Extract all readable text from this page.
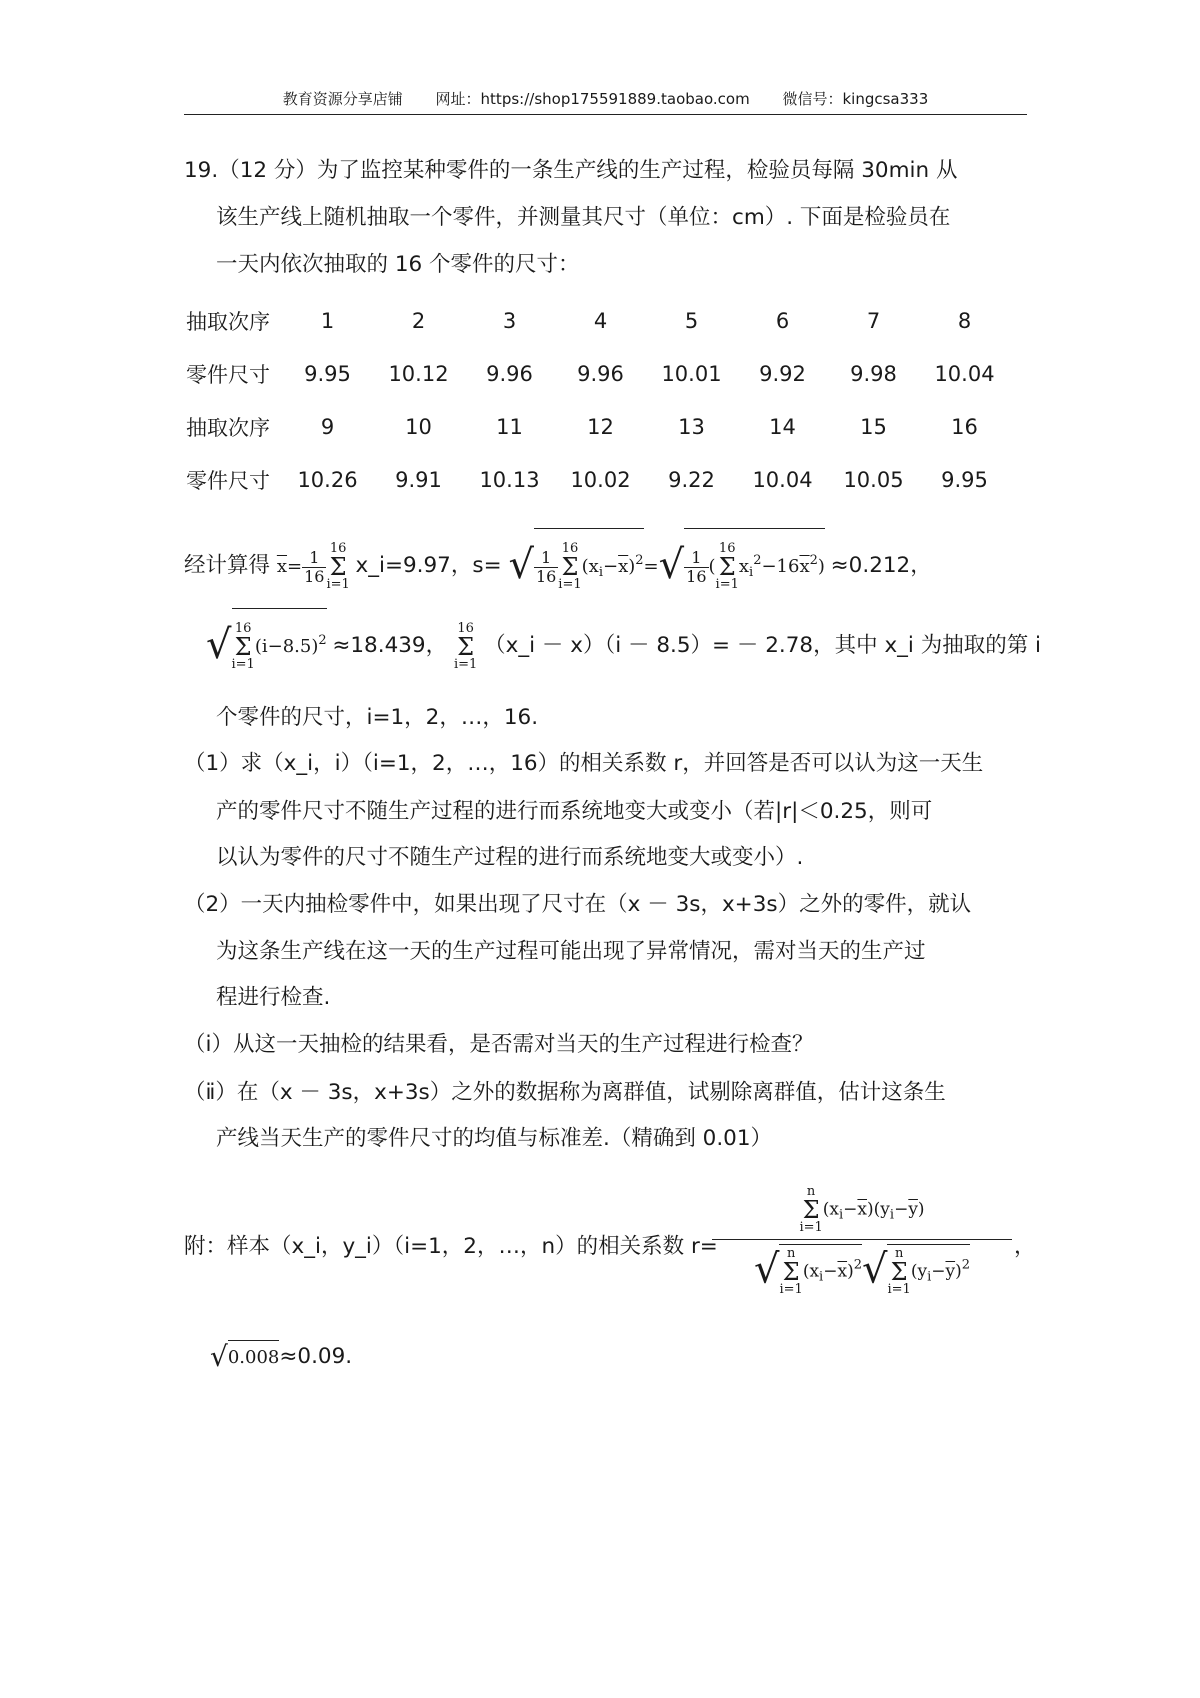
教育资源分享店铺 网址：https://shop175591889.taobao.com 微信号：kingcsa333
19.（12 分）为了监控某种零件的一条生产线的生产过程，检验员每隔 30min 从
该生产线上随机抽取一个零件，并测量其尺寸（单位：cm）. 下面是检验员在
一天内依次抽取的 16 个零件的尺寸：
抽取次序	1	2	3	4	5	6	7	8
零件尺寸	9.95	10.12	9.96	9.96	10.01	9.92	9.98	10.04
抽取次序	9	10	11	12	13	14	15	16
零件尺寸	10.26	9.91	10.13	10.02	9.22	10.04	10.05	9.95
经计算得 $\overline{x}= \frac{1}{16} 16$
Σ
i=1 x_i=9.97，s= √ $\frac{1}{16} 16$
Σ
$i=1(x_i-\overline{x})^2=√ \frac{1}{16} (16$
Σ
$i=1x_i^2-16\overline{x}^2) \approx 0.212$，
√ 16
Σ
$i=1(i-8.5)^2 \approx 18.439$， 16
Σ
i=1 （x_i － x）（i － 8.5）= － 2.78，其中 x_i 为抽取的第 i
个零件的尺寸，i=1，2，…，16.
（1）求（x_i，i）（i=1，2，…，16）的相关系数 r，并回答是否可以认为这一天生
产的零件尺寸不随生产过程的进行而系统地变大或变小（若|r|＜0.25，则可
以认为零件的尺寸不随生产过程的进行而系统地变大或变小）.
（2）一天内抽检零件中，如果出现了尺寸在（x － 3s，x+3s）之外的零件，就认
为这条生产线在这一天的生产过程可能出现了异常情况，需对当天的生产过
程进行检查.
（ⅰ）从这一天抽检的结果看，是否需对当天的生产过程进行检查？
（ⅱ）在（x － 3s，x+3s）之外的数据称为离群值，试剔除离群值，估计这条生
产线当天生产的零件尺寸的均值与标准差.（精确到 0.01）
附：样本（x_i，y_i）（i=1，2，…，n）的相关系数 r=
n
Σ
$i=1(x_i-\overline{x})(y_i-\overline{y})$
√ n
Σ
$i=1(x_i-\overline{x})^2√$ n
Σ
$i=1(y_i-\overline{y})^2$
，
√0.008≈0.09.
